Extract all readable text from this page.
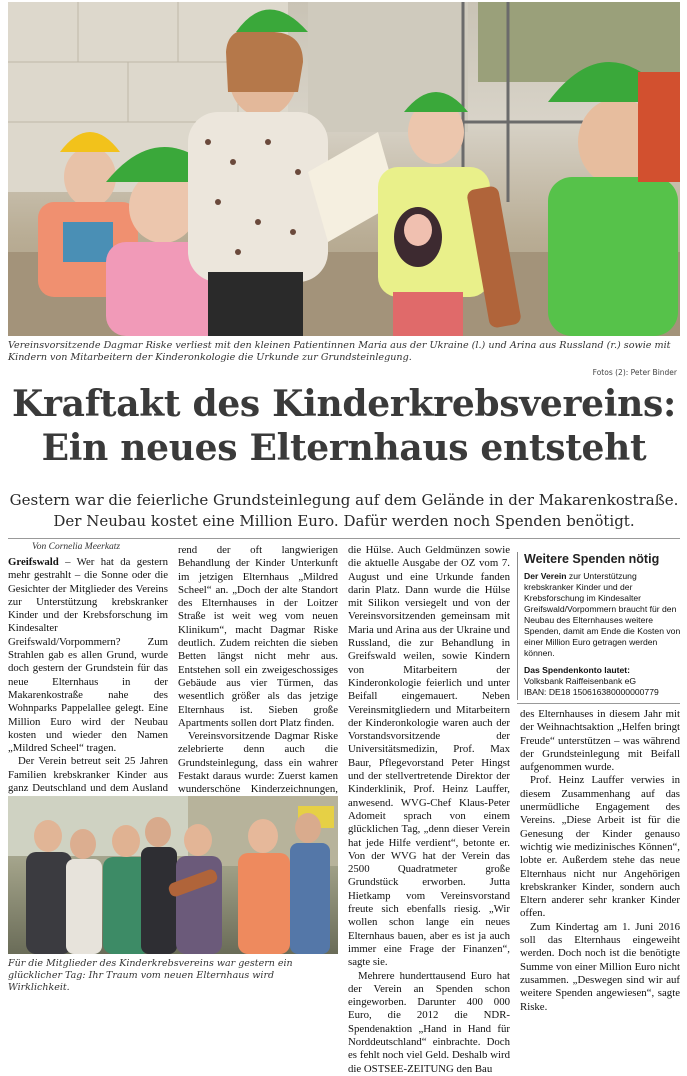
Vereinsvorsitzende Dagmar Riske verliest mit den kleinen Patientinnen Maria aus der Ukraine (l.) und Arina aus Russland (r.) sowie mit Kindern von Mitarbeitern der Kinderonkologie die Urkunde zur Grundsteinlegung.
Fotos (2): Peter Binder
Kraftakt des Kinderkrebsvereins:
Ein neues Elternhaus entsteht
Gestern war die feierliche Grundsteinlegung auf dem Gelände in der Makarenkostraße.
Der Neubau kostet eine Million Euro. Dafür werden noch Spenden benötigt.
Von Cornelia Meerkatz

Greifswald – Wer hat da gestern mehr gestrahlt – die Sonne oder die Gesichter der Mitglieder des Vereins zur Unterstützung krebskranker Kinder und der Krebsforschung im Kindesalter Greifswald/Vorpommern? Zum Strahlen gab es allen Grund, wurde doch gestern der Grundstein für das neue Elternhaus in der Makarenkostraße nahe des Wohnparks Pappelallee gelegt. Eine Million Euro wird der Neubau kosten und wieder den Namen „Mildred Scheel“ tragen.

Der Verein betreut seit 25 Jahren Familien krebskranker Kinder aus ganz Deutschland und dem Ausland

rend der oft langwierigen Behandlung der Kinder Unterkunft im jetzigen Elternhaus „Mildred Scheel“ an. „Doch der alte Standort des Elternhauses in der Loitzer Straße ist weit weg vom neuen Klinikum“, macht Dagmar Riske deutlich. Zudem reichten die sieben Betten längst nicht mehr aus. Entstehen soll ein zweigeschossiges Gebäude aus vier Türmen, das wesentlich größer als das jetzige Elternhaus ist. Sieben große Apartments sollen dort Platz finden.

Vereinsvorsitzende Dagmar Riske zelebrierte denn auch die Grundsteinlegung, dass ein wahrer Festakt daraus wurde: Zuerst kamen wunderschöne Kinderzeichnungen,

die Hülse. Auch Geldmünzen sowie die aktuelle Ausgabe der OZ vom 7. August und eine Urkunde fanden darin Platz. Dann wurde die Hülse mit Silikon versiegelt und von der Vereinsvorsitzenden gemeinsam mit Maria und Arina aus der Ukraine und Russland, die zur Behandlung in Greifswald weilen, sowie Kindern von Mitarbeitern der Kinderonkologie feierlich und unter Beifall eingemauert. Neben Vereinsmitgliedern und Mitarbeitern der Kinderonkologie waren auch der Vorstandsvorsitzende der Universitätsmedizin, Prof. Max Baur, Pflegevorstand Peter Hingst und der stellvertretende Direktor der Kinderklinik, Prof. Heinz Lauffer, anwesend. WVG-Chef Klaus-Peter Adomeit sprach von einem glücklichen Tag, „denn dieser Verein hat jede Hilfe verdient“, betonte er. Von der WVG hat der Verein das 2500 Quadratmeter große Grundstück erworben. Jutta Hietkamp vom Vereinsvorstand freute sich ebenfalls riesig. „Wir wollen schon lange ein neues Elternhaus bauen, aber es ist ja auch immer eine Frage der Finanzen“, sagte sie.

Mehrere hunderttausend Euro hat der Verein an Spenden schon eingeworben. Darunter 400 000 Euro, die 2012 die NDR-Spendenaktion „Hand in Hand für Norddeutschland“ einbrachte. Doch es fehlt noch viel Geld. Deshalb wird die OSTSEE-ZEITUNG den Bau

Weitere Spenden nötig

Der Verein zur Unterstützung krebskranker Kinder und der Krebsforschung im Kindesalter Greifswald/Vorpommern braucht für den Neubau des Elternhauses weitere Spenden, damit am Ende die Kosten von einer Million Euro getragen werden können.

Das Spendenkonto lautet:
Volksbank Raiffeisenbank eG
IBAN: DE18 150616380000000779

des Elternhauses in diesem Jahr mit der Weihnachtsaktion „Helfen bringt Freude“ unterstützen – was während der Grundsteinlegung mit Beifall aufgenommen wurde.

Prof. Heinz Lauffer verwies in diesem Zusammenhang auf das unermüdliche Engagement des Vereins. „Diese Arbeit ist für die Genesung der Kinder genauso wichtig wie medizinisches Können“, lobte er. Außerdem stehe das neue Elternhaus nicht nur Angehörigen krebskranker Kinder, sondern auch Eltern anderer sehr kranker Kinder offen.

Zum Kindertag am 1. Juni 2016 soll das Elternhaus eingeweiht werden. Doch noch ist die benötigte Summe von einer Million Euro nicht zusammen. „Deswegen sind wir auf weitere Spenden angewiesen“, sagte Riske.

Für die Mitglieder des Kinderkrebsvereins war gestern ein glücklicher Tag: Ihr Traum vom neuen Elternhaus wird Wirklichkeit.
